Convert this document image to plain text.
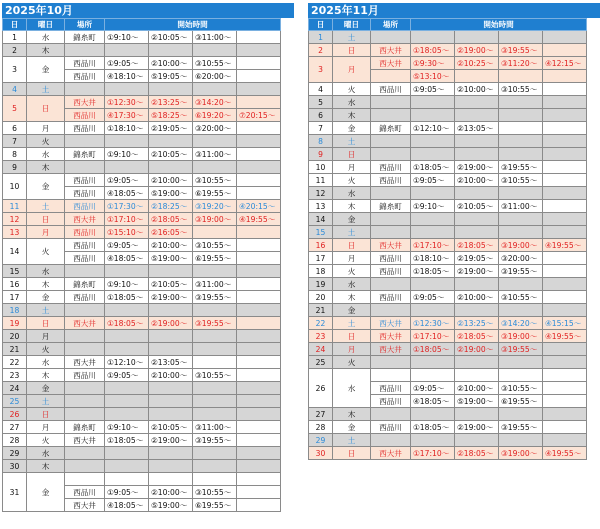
2025年10月
日	曜日	場所	開始時間			
1	水	錦糸町	①9:10～	②10:05～	③11:00～	
2	木					
3	金	西品川	①9:05～	②10:00～	③10:55～	
		西品川	④18:10～	⑤19:05～	⑥20:00～	
4	土					
5	日	西大井	①12:30～	②13:25～	③14:20～	
		西品川	④17:30～	⑤18:25～	⑥19:20～	⑦20:15～
6	月	西品川	①18:10～	②19:05～	③20:00～	
7	火					
8	水	錦糸町	①9:10～	②10:05～	③11:00～	
9	木					
10	金	西品川	①9:05～	②10:00～	③10:55～	
		西品川	④18:05～	⑤19:00～	⑥19:55～	
11	土	西品川	①17:30～	②18:25～	③19:20～	④20:15～
12	日	西大井	①17:10～	②18:05～	③19:00～	④19:55～
13	月	西品川	①15:10～	②16:05～		
14	火	西品川	①9:05～	②10:00～	③10:55～	
		西品川	④18:05～	⑤19:00～	⑥19:55～	
15	水					
16	木	錦糸町	①9:10～	②10:05～	③11:00～	
17	金	西品川	①18:05～	②19:00～	③19:55～	
18	土					
19	日	西大井	①18:05～	②19:00～	③19:55～	
20	月					
21	火					
22	水	西大井	①12:10～	②13:05～		
23	木	西品川	①9:05～	②10:00～	③10:55～	
24	金					
25	土					
26	日					
27	月	錦糸町	①9:10～	②10:05～	③11:00～	
28	火	西大井	①18:05～	②19:00～	③19:55～	
29	水					
30	木					
31	金					
		西品川	①9:05～	②10:00～	③10:55～	
		西大井	④18:05～	⑤19:00～	⑥19:55～	
2025年11月
日	曜日	場所	開始時間			
1	土					
2	日	西大井	①18:05～	②19:00～	③19:55～	
3	月	西大井	①9:30～	②10:25～	③11:20～	④12:15～
			⑤13:10～			
4	火	西品川	①9:05～	②10:00～	③10:55～	
5	水					
6	木					
7	金	錦糸町	①12:10～	②13:05～		
8	土					
9	日					
10	月	西品川	①18:05～	②19:00～	③19:55～	
11	火	西品川	①9:05～	②10:00～	③10:55～	
12	水					
13	木	錦糸町	①9:10～	②10:05～	③11:00～	
14	金					
15	土					
16	日	西大井	①17:10～	②18:05～	③19:00～	④19:55～
17	月	西品川	①18:10～	②19:05～	③20:00～	
18	火	西品川	①18:05～	②19:00～	③19:55～	
19	水					
20	木	西品川	①9:05～	②10:00～	③10:55～	
21	金					
22	土	西大井	①12:30～	②13:25～	③14:20～	④15:15～
23	日	西大井	①17:10～	②18:05～	③19:00～	④19:55～
24	月	西大井	①18:05～	②19:00～	③19:55～	
25	火					
26	水					
		西品川	①9:05～	②10:00～	③10:55～	
		西品川	④18:05～	⑤19:00～	⑥19:55～	
27	木					
28	金	西品川	①18:05～	②19:00～	③19:55～	
29	土					
30	日	西大井	①17:10～	②18:05～	③19:00～	④19:55～
